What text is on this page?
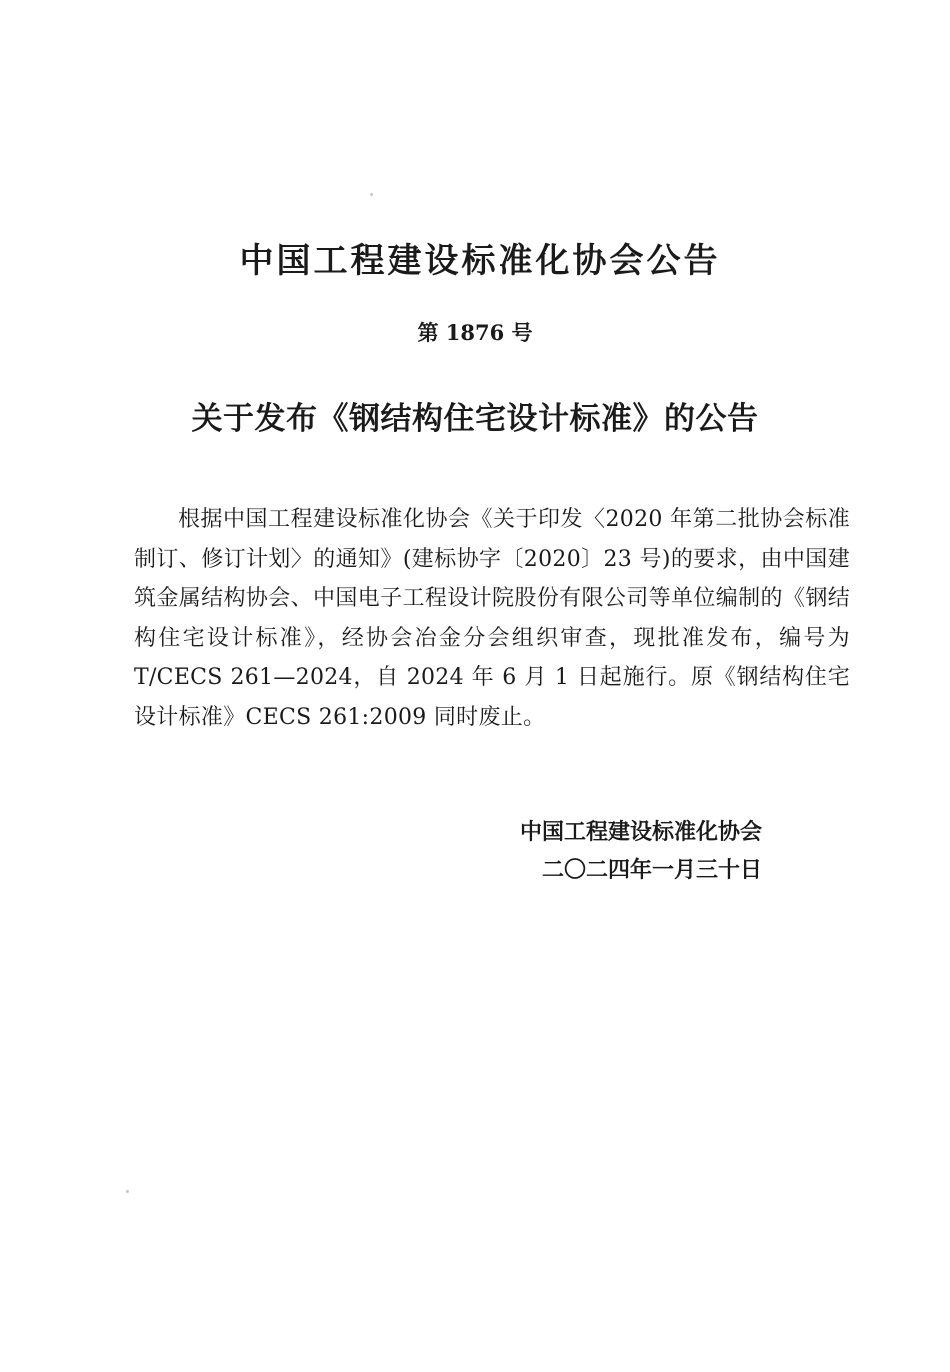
中国工程建设标准化协会公告
第 1876 号
关于发布《钢结构住宅设计标准》的公告

根据中国工程建设标准化协会《关于印发〈2020 年第二批协会标准制订、修订计划〉的通知》(建标协字〔2020〕23 号)的要求，由中国建筑金属结构协会、中国电子工程设计院股份有限公司等单位编制的《钢结构住宅设计标准》，经协会冶金分会组织审查，现批准发布，编号为 T/CECS 261—2024，自 2024 年 6 月 1 日起施行。原《钢结构住宅设计标准》CECS 261:2009 同时废止。

中国工程建设标准化协会
二〇二四年一月三十日
